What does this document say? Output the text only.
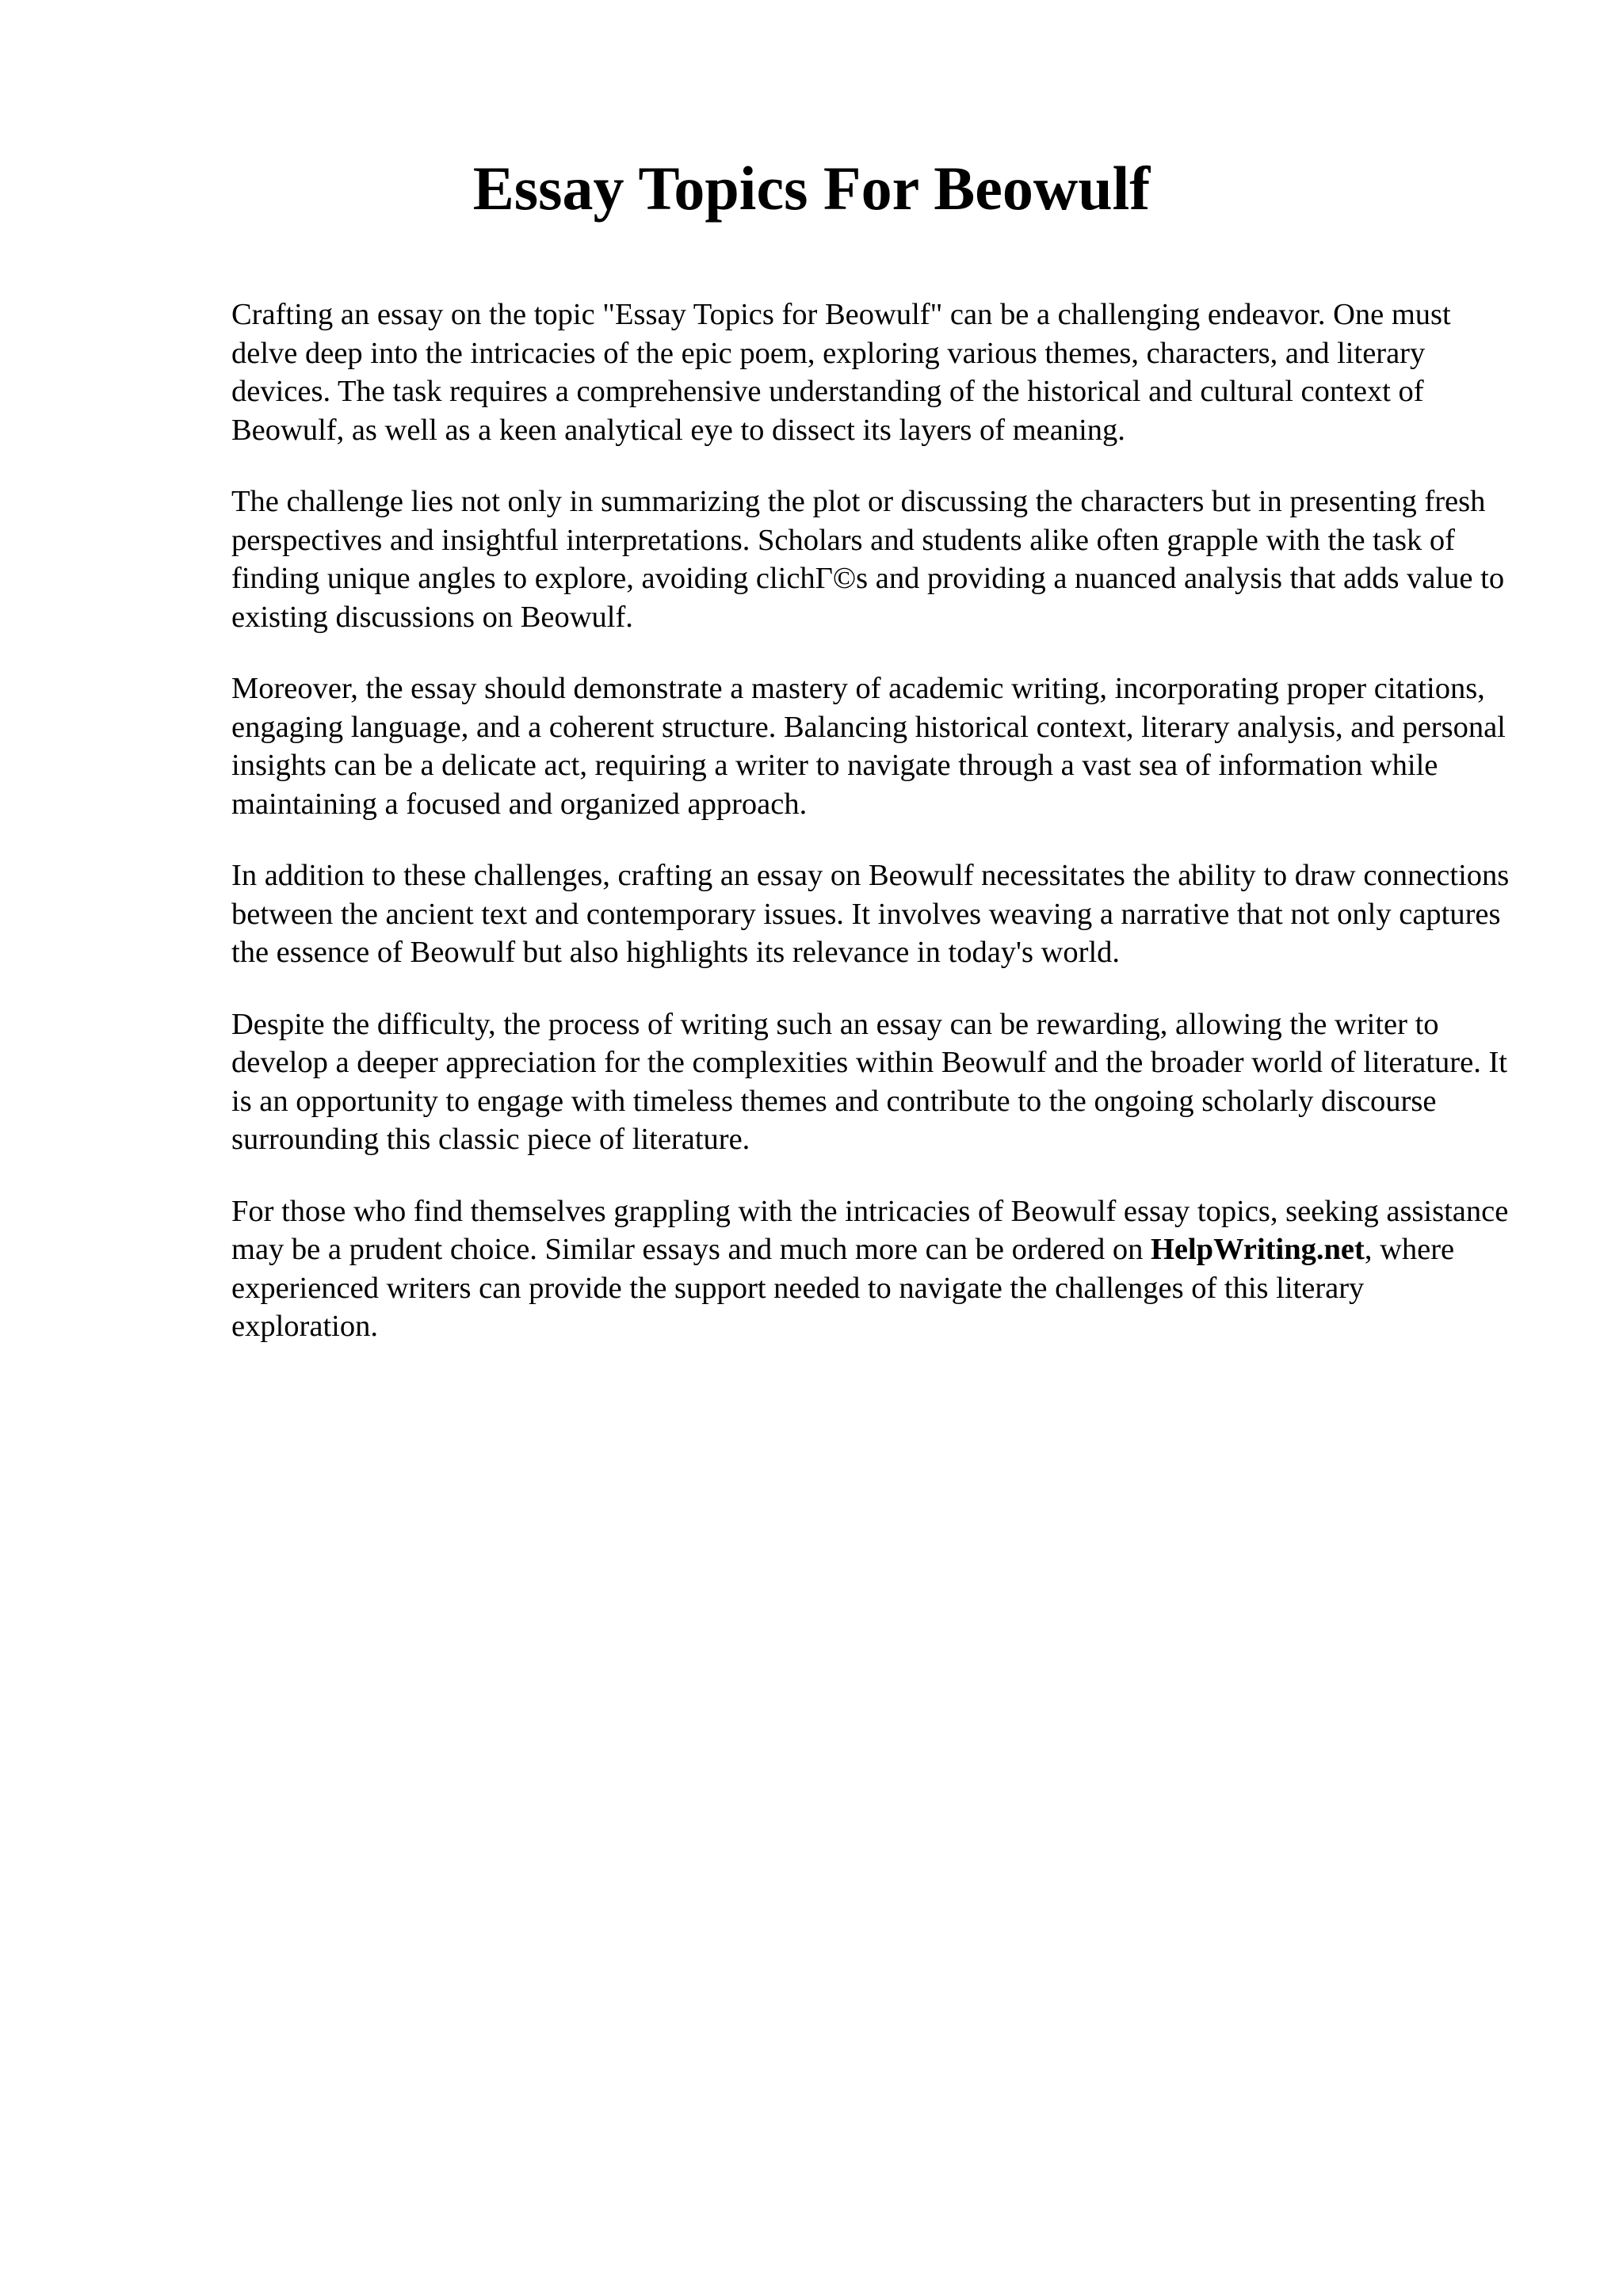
Essay Topics For Beowulf

Crafting an essay on the topic "Essay Topics for Beowulf" can be a challenging endeavor. One must delve deep into the intricacies of the epic poem, exploring various themes, characters, and literary devices. The task requires a comprehensive understanding of the historical and cultural context of Beowulf, as well as a keen analytical eye to dissect its layers of meaning.

The challenge lies not only in summarizing the plot or discussing the characters but in presenting fresh perspectives and insightful interpretations. Scholars and students alike often grapple with the task of finding unique angles to explore, avoiding clichΓ©s and providing a nuanced analysis that adds value to existing discussions on Beowulf.

Moreover, the essay should demonstrate a mastery of academic writing, incorporating proper citations, engaging language, and a coherent structure. Balancing historical context, literary analysis, and personal insights can be a delicate act, requiring a writer to navigate through a vast sea of information while maintaining a focused and organized approach.

In addition to these challenges, crafting an essay on Beowulf necessitates the ability to draw connections between the ancient text and contemporary issues. It involves weaving a narrative that not only captures the essence of Beowulf but also highlights its relevance in today's world.

Despite the difficulty, the process of writing such an essay can be rewarding, allowing the writer to develop a deeper appreciation for the complexities within Beowulf and the broader world of literature. It is an opportunity to engage with timeless themes and contribute to the ongoing scholarly discourse surrounding this classic piece of literature.

For those who find themselves grappling with the intricacies of Beowulf essay topics, seeking assistance may be a prudent choice. Similar essays and much more can be ordered on HelpWriting.net, where experienced writers can provide the support needed to navigate the challenges of this literary exploration.
